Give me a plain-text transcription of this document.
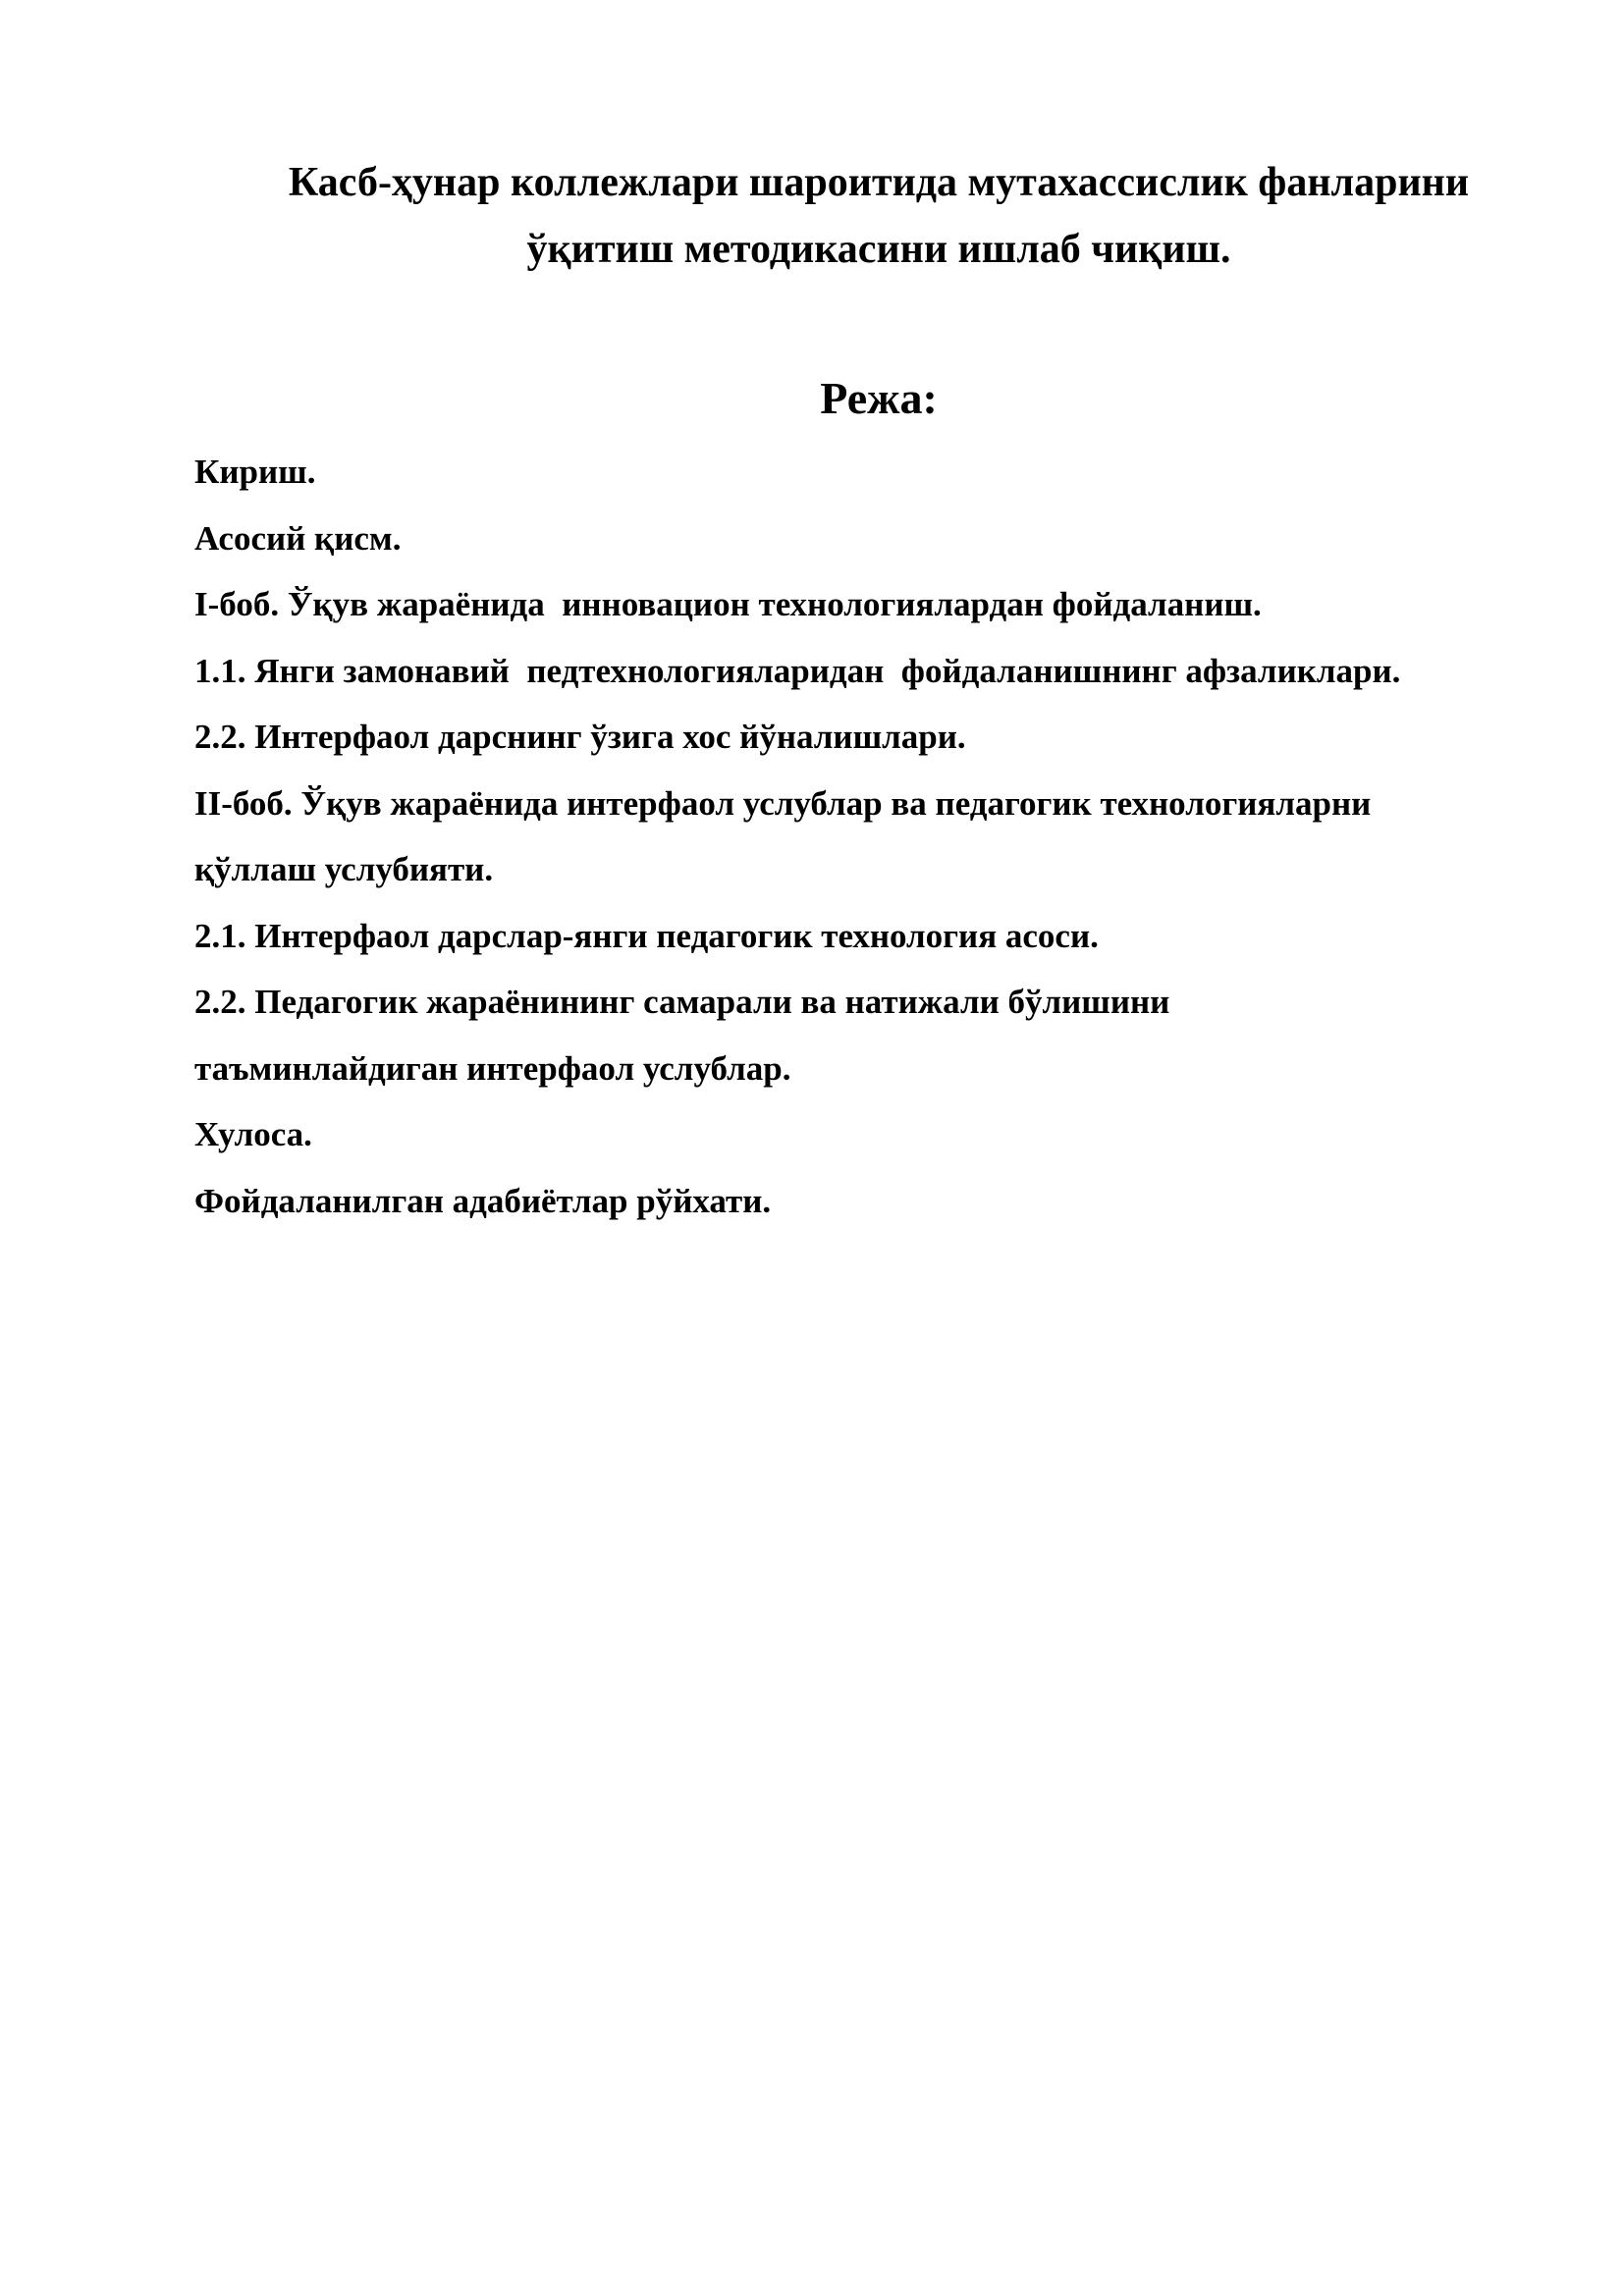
Касб-ҳунар коллежлари шароитида мутахассислик фанларини
ўқитиш методикасини ишлаб чиқиш.
Режа:
Кириш.
Асосий қисм.
I-боб. Ўқув жараёнида  инновацион технологиялардан фойдаланиш.
1.1. Янги замонавий  педтехнологияларидан  фойдаланишнинг афзаликлари.
2.2. Интерфаол дарснинг ўзига хос йўналишлари.
II-боб. Ўқув жараёнида интерфаол услублар ва педагогик технологияларни
қўллаш услубияти.
2.1. Интерфаол дарслар-янги педагогик технология асоси.
2.2. Педагогик жараёнининг самарали ва натижали бўлишини
таъминлайдиган интерфаол услублар.
Хулоса.
Фойдаланилган адабиётлар рўйхати.
